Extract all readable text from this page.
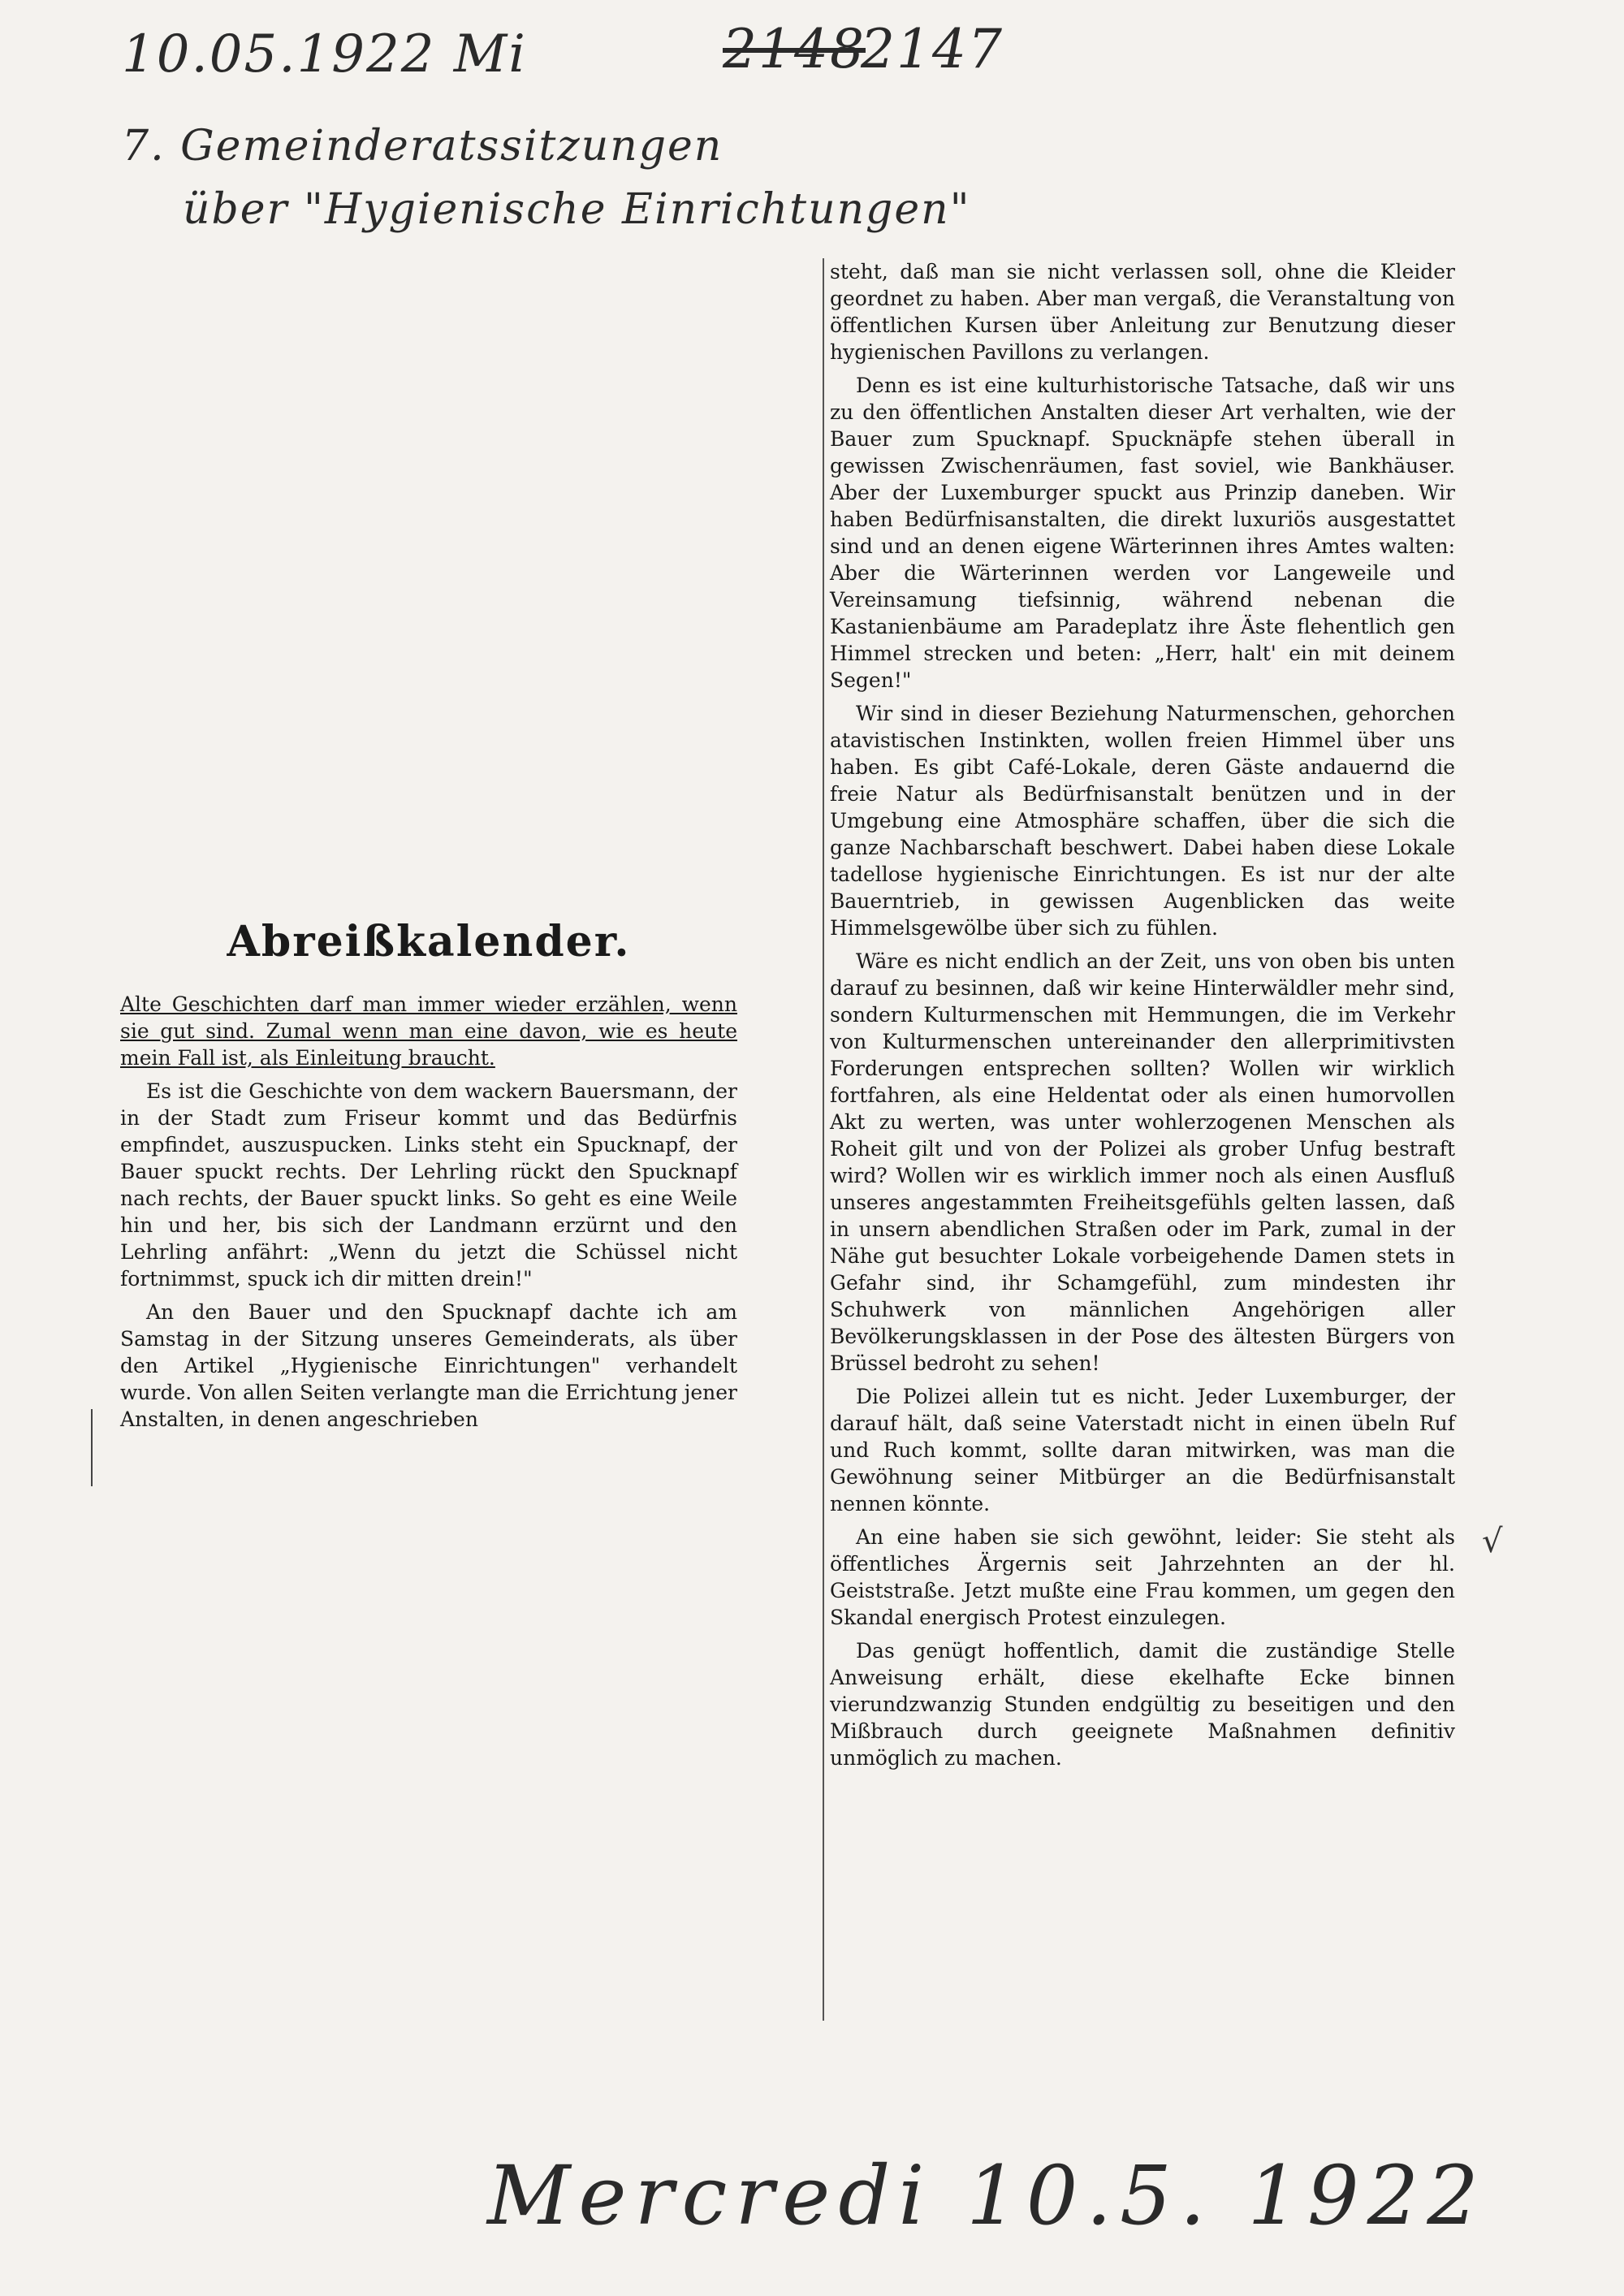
10.05.1922 Mi	2148
2147
7. Gemeinderatssitzungen
über "Hygienische Einrichtungen"
Abreißkalender.

Alte Geschichten darf man immer wieder erzählen, wenn sie gut sind. Zumal wenn man eine davon, wie es heute mein Fall ist, als Einleitung braucht.

Es ist die Geschichte von dem wackern Bauersmann, der in der Stadt zum Friseur kommt und das Bedürfnis empfindet, auszuspucken. Links steht ein Spucknapf, der Bauer spuckt rechts. Der Lehrling rückt den Spucknapf nach rechts, der Bauer spuckt links. So geht es eine Weile hin und her, bis sich der Landmann erzürnt und den Lehrling anfährt: „Wenn du jetzt die Schüssel nicht fortnimmst, spuck ich dir mitten drein!"

An den Bauer und den Spucknapf dachte ich am Samstag in der Sitzung unseres Gemeinderats, als über den Artikel „Hygienische Einrichtungen" verhandelt wurde. Von allen Seiten verlangte man die Errichtung jener Anstalten, in denen angeschrieben

steht, daß man sie nicht verlassen soll, ohne die Kleider geordnet zu haben. Aber man vergaß, die Veranstaltung von öffentlichen Kursen über Anleitung zur Benutzung dieser hygienischen Pavillons zu verlangen.

Denn es ist eine kulturhistorische Tatsache, daß wir uns zu den öffentlichen Anstalten dieser Art verhalten, wie der Bauer zum Spucknapf. Spucknäpfe stehen überall in gewissen Zwischenräumen, fast soviel, wie Bankhäuser. Aber der Luxemburger spuckt aus Prinzip daneben. Wir haben Bedürfnisanstalten, die direkt luxuriös ausgestattet sind und an denen eigene Wärterinnen ihres Amtes walten: Aber die Wärterinnen werden vor Langeweile und Vereinsamung tiefsinnig, während nebenan die Kastanienbäume am Paradeplatz ihre Äste flehentlich gen Himmel strecken und beten: „Herr, halt' ein mit deinem Segen!"

Wir sind in dieser Beziehung Naturmenschen, gehorchen atavistischen Instinkten, wollen freien Himmel über uns haben. Es gibt Café-Lokale, deren Gäste andauernd die freie Natur als Bedürfnisanstalt benützen und in der Umgebung eine Atmosphäre schaffen, über die sich die ganze Nachbarschaft beschwert. Dabei haben diese Lokale tadellose hygienische Einrichtungen. Es ist nur der alte Bauerntrieb, in gewissen Augenblicken das weite Himmelsgewölbe über sich zu fühlen.

Wäre es nicht endlich an der Zeit, uns von oben bis unten darauf zu besinnen, daß wir keine Hinterwäldler mehr sind, sondern Kulturmenschen mit Hemmungen, die im Verkehr von Kulturmenschen untereinander den allerprimitivsten Forderungen entsprechen sollten? Wollen wir wirklich fortfahren, als eine Heldentat oder als einen humorvollen Akt zu werten, was unter wohlerzogenen Menschen als Roheit gilt und von der Polizei als grober Unfug bestraft wird? Wollen wir es wirklich immer noch als einen Ausfluß unseres angestammten Freiheitsgefühls gelten lassen, daß in unsern abendlichen Straßen oder im Park, zumal in der Nähe gut besuchter Lokale vorbeigehende Damen stets in Gefahr sind, ihr Schamgefühl, zum mindesten ihr Schuhwerk von männlichen Angehörigen aller Bevölkerungsklassen in der Pose des ältesten Bürgers von Brüssel bedroht zu sehen!

Die Polizei allein tut es nicht. Jeder Luxemburger, der darauf hält, daß seine Vaterstadt nicht in einen übeln Ruf und Ruch kommt, sollte daran mitwirken, was man die Gewöhnung seiner Mitbürger an die Bedürfnisanstalt nennen könnte.

An eine haben sie sich gewöhnt, leider: Sie steht als öffentliches Ärgernis seit Jahrzehnten an der hl. Geiststraße. Jetzt mußte eine Frau kommen, um gegen den Skandal energisch Protest einzulegen.

Das genügt hoffentlich, damit die zuständige Stelle Anweisung erhält, diese ekelhafte Ecke binnen vierundzwanzig Stunden endgültig zu beseitigen und den Mißbrauch durch geeignete Maßnahmen definitiv unmöglich zu machen.

√
Mercredi 10.5. 1922
